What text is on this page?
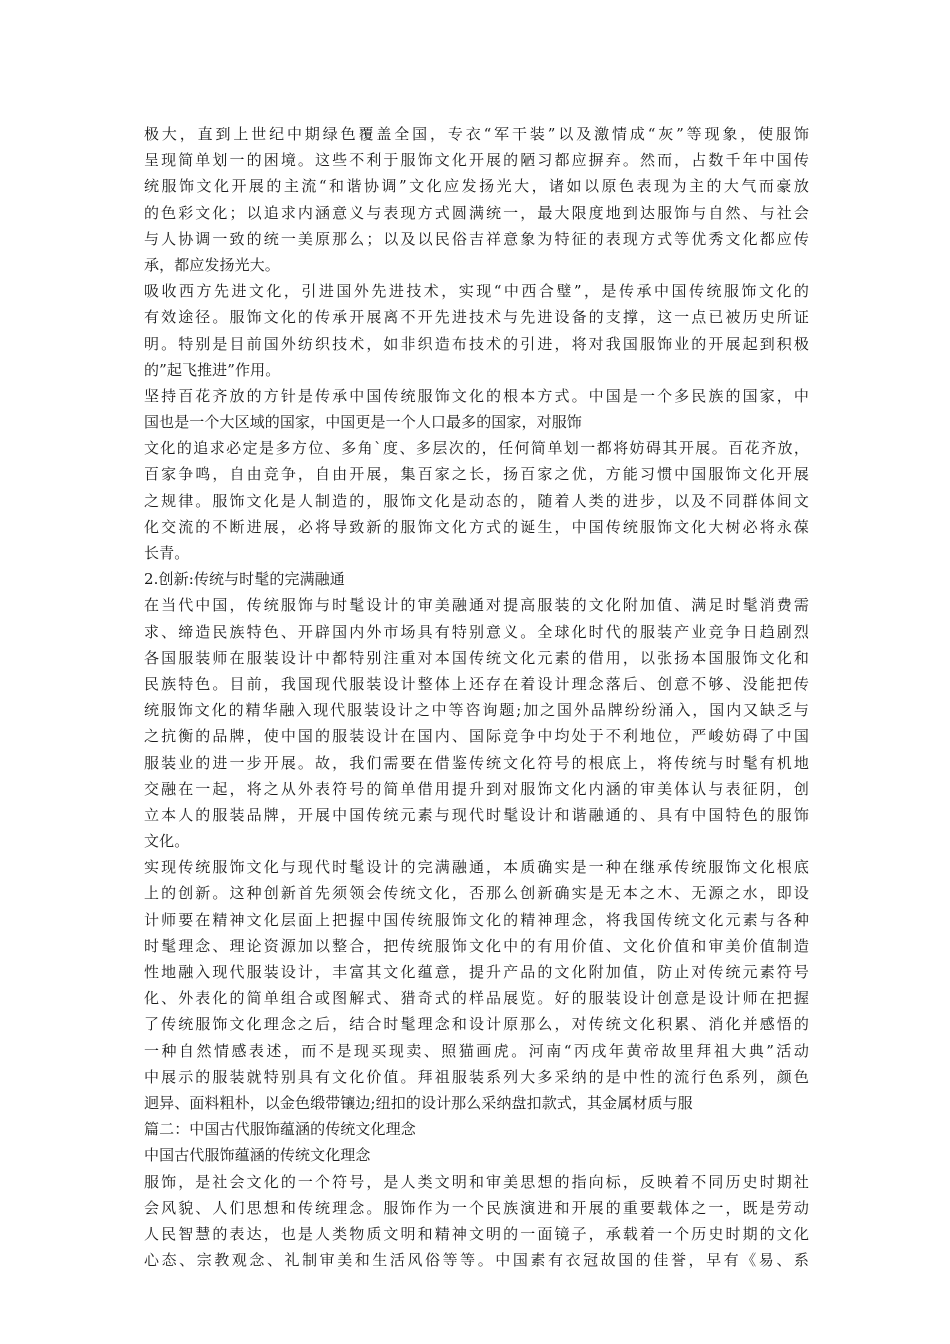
极大，直到上世纪中期绿色覆盖全国，专衣“军干装”以及激情成“灰”等现象，使服饰
呈现简单划一的困境。这些不利于服饰文化开展的陋习都应摒弃。然而，占数千年中国传
统服饰文化开展的主流“和谐协调”文化应发扬光大，诸如以原色表现为主的大气而豪放
的色彩文化；以追求内涵意义与表现方式圆满统一，最大限度地到达服饰与自然、与社会
与人协调一致的统一美原那么；以及以民俗吉祥意象为特征的表现方式等优秀文化都应传
承，都应发扬光大。
吸收西方先进文化，引进国外先进技术，实现“中西合璧”，是传承中国传统服饰文化的
有效途径。服饰文化的传承开展离不开先进技术与先进设备的支撑，这一点已被历史所证
明。特别是目前国外纺织技术，如非织造布技术的引进，将对我国服饰业的开展起到积极
的”起飞推进”作用。
坚持百花齐放的方针是传承中国传统服饰文化的根本方式。中国是一个多民族的国家，中
国也是一个大区域的国家，中国更是一个人口最多的国家，对服饰
文化的追求必定是多方位、多角`度、多层次的，任何简单划一都将妨碍其开展。百花齐放，
百家争鸣，自由竞争，自由开展，集百家之长，扬百家之优，方能习惯中国服饰文化开展
之规律。服饰文化是人制造的，服饰文化是动态的，随着人类的进步，以及不同群体间文
化交流的不断进展，必将导致新的服饰文化方式的诞生，中国传统服饰文化大树必将永葆
长青。
2.创新:传统与时髦的完满融通
在当代中国，传统服饰与时髦设计的审美融通对提高服装的文化附加值、满足时髦消费需
求、缔造民族特色、开辟国内外市场具有特别意义。全球化时代的服装产业竞争日趋剧烈
各国服装师在服装设计中都特别注重对本国传统文化元素的借用，以张扬本国服饰文化和
民族特色。目前，我国现代服装设计整体上还存在着设计理念落后、创意不够、没能把传
统服饰文化的精华融入现代服装设计之中等咨询题;加之国外品牌纷纷涌入，国内又缺乏与
之抗衡的品牌，使中国的服装设计在国内、国际竞争中均处于不利地位，严峻妨碍了中国
服装业的进一步开展。故，我们需要在借鉴传统文化符号的根底上，将传统与时髦有机地
交融在一起，将之从外表符号的简单借用提升到对服饰文化内涵的审美体认与表征阴，创
立本人的服装品牌，开展中国传统元素与现代时髦设计和谐融通的、具有中国特色的服饰
文化。
实现传统服饰文化与现代时髦设计的完满融通，本质确实是一种在继承传统服饰文化根底
上的创新。这种创新首先须领会传统文化，否那么创新确实是无本之木、无源之水，即设
计师要在精神文化层面上把握中国传统服饰文化的精神理念，将我国传统文化元素与各种
时髦理念、理论资源加以整合，把传统服饰文化中的有用价值、文化价值和审美价值制造
性地融入现代服装设计，丰富其文化蕴意，提升产品的文化附加值，防止对传统元素符号
化、外表化的简单组合或图解式、猎奇式的样品展览。好的服装设计创意是设计师在把握
了传统服饰文化理念之后，结合时髦理念和设计原那么，对传统文化积累、消化并感悟的
一种自然情感表述，而不是现买现卖、照猫画虎。河南“丙戌年黄帝故里拜祖大典”活动
中展示的服装就特别具有文化价值。拜祖服装系列大多采纳的是中性的流行色系列，颜色
迥异、面料粗朴，以金色缎带镶边;纽扣的设计那么采纳盘扣款式，其金属材质与服
篇二：中国古代服饰蕴涵的传统文化理念
中国古代服饰蕴涵的传统文化理念
服饰，是社会文化的一个符号，是人类文明和审美思想的指向标，反映着不同历史时期社
会风貌、人们思想和传统理念。服饰作为一个民族演进和开展的重要载体之一，既是劳动
人民智慧的表达，也是人类物质文明和精神文明的一面镜子，承载着一个历史时期的文化
心态、宗教观念、礼制审美和生活风俗等等。中国素有衣冠故国的佳誉，早有《易、系
